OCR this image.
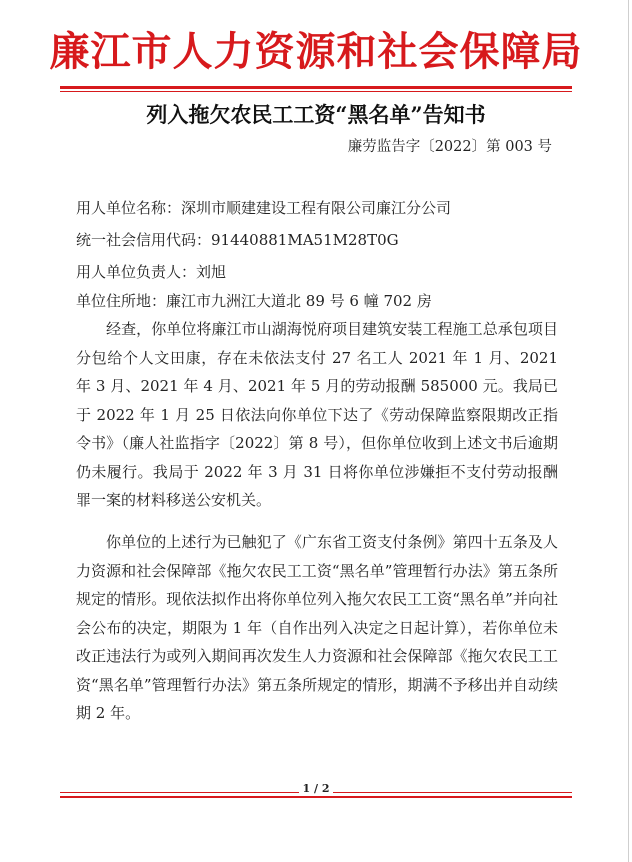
廉江市人力资源和社会保障局
列入拖欠农民工工资“黑名单”告知书
廉劳监告字〔2022〕第 003 号
用人单位名称：深圳市顺建建设工程有限公司廉江分公司
统一社会信用代码：91440881MA51M28T0G
用人单位负责人：刘旭
单位住所地：廉江市九洲江大道北 89 号 6 幢 702 房

经查，你单位将廉江市山湖海悦府项目建筑安装工程施工总承包项目分包给个人文田康，存在未依法支付 27 名工人 2021 年 1 月、2021 年 3 月、2021 年 4 月、2021 年 5 月的劳动报酬 585000 元。我局已于 2022 年 1 月 25 日依法向你单位下达了《劳动保障监察限期改正指令书》（廉人社监指字〔2022〕第 8 号），但你单位收到上述文书后逾期仍未履行。我局于 2022 年 3 月 31 日将你单位涉嫌拒不支付劳动报酬罪一案的材料移送公安机关。

你单位的上述行为已触犯了《广东省工资支付条例》第四十五条及人力资源和社会保障部《拖欠农民工工资“黑名单”管理暂行办法》第五条所规定的情形。现依法拟作出将你单位列入拖欠农民工工资“黑名单”并向社会公布的决定，期限为 1 年（自作出列入决定之日起计算），若你单位未改正违法行为或列入期间再次发生人力资源和社会保障部《拖欠农民工工资“黑名单”管理暂行办法》第五条所规定的情形，期满不予移出并自动续期 2 年。

1 / 2
